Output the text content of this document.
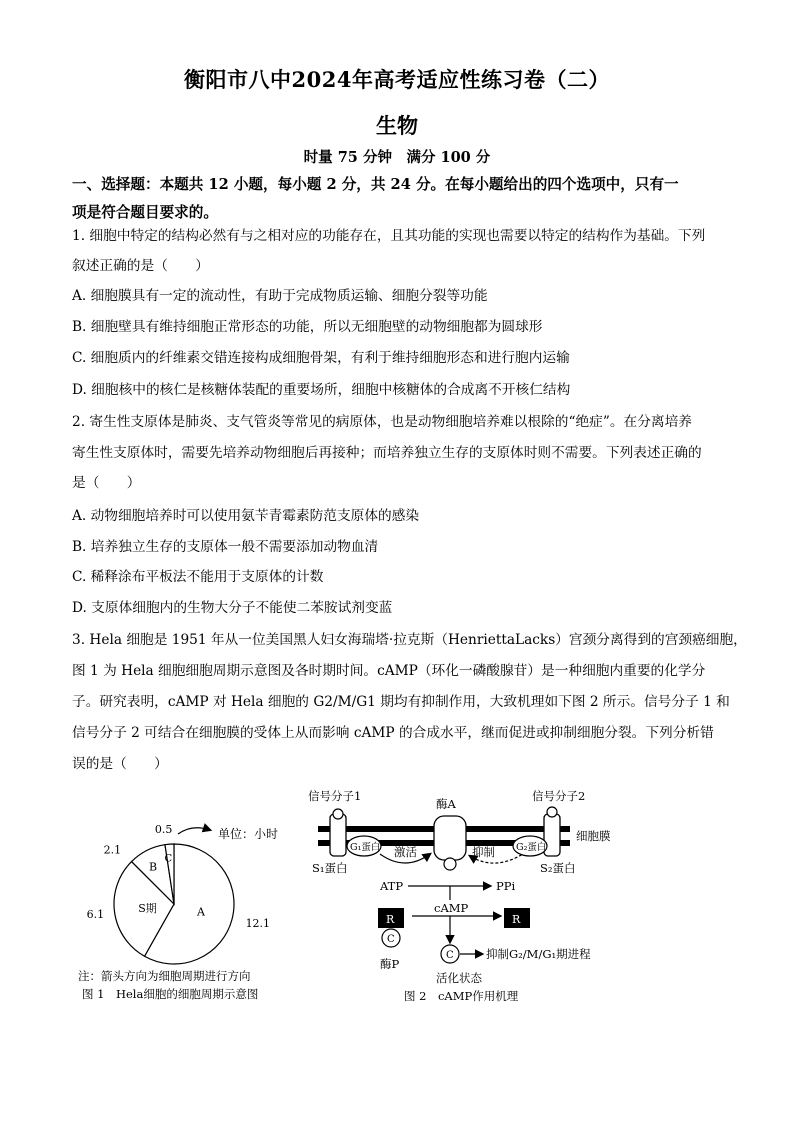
衡阳市八中2024年高考适应性练习卷（二）
生物
时量 75 分钟　满分 100 分
一、选择题：本题共 12 小题，每小题 2 分，共 24 分。在每小题给出的四个选项中，只有一
项是符合题目要求的。
1. 细胞中特定的结构必然有与之相对应的功能存在，且其功能的实现也需要以特定的结构作为基础。下列
叙述正确的是（　　）
A. 细胞膜具有一定的流动性，有助于完成物质运输、细胞分裂等功能
B. 细胞壁具有维持细胞正常形态的功能，所以无细胞壁的动物细胞都为圆球形
C. 细胞质内的纤维素交错连接构成细胞骨架，有利于维持细胞形态和进行胞内运输
D. 细胞核中的核仁是核糖体装配的重要场所，细胞中核糖体的合成离不开核仁结构
2. 寄生性支原体是肺炎、支气管炎等常见的病原体，也是动物细胞培养难以根除的“绝症”。在分离培养
寄生性支原体时，需要先培养动物细胞后再接种；而培养独立生存的支原体时则不需要。下列表述正确的
是（　　）
A. 动物细胞培养时可以使用氨苄青霉素防范支原体的感染
B. 培养独立生存的支原体一般不需要添加动物血清
C. 稀释涂布平板法不能用于支原体的计数
D. 支原体细胞内的生物大分子不能使二苯胺试剂变蓝
3. Hela 细胞是 1951 年从一位美国黑人妇女海瑞塔·拉克斯（HenriettaLacks）宫颈分离得到的宫颈癌细胞，
图 1 为 Hela 细胞细胞周期示意图及各时期时间。cAMP（环化一磷酸腺苷）是一种细胞内重要的化学分
子。研究表明，cAMP 对 Hela 细胞的 G2/M/G1 期均有抑制作用，大致机理如下图 2 所示。信号分子 1 和
信号分子 2 可结合在细胞膜的受体上从而影响 cAMP 的合成水平，继而促进或抑制细胞分裂。下列分析错
误的是（　　）
A
12.1
S期
6.1
B
2.1
C
0.5	单位：小时
注：箭头方向为细胞周期进行方向
图 1　Hela细胞的细胞周期示意图
细胞膜
信号分子1
S₁蛋白
G₁蛋白
酶A
激活	抑制
信号分子2
G₂蛋白
S₂蛋白
ATP	PPi
cAMP
R
C
酶P
R
C	抑制G₂/M/G₁期进程
活化状态
图 2　cAMP作用机理
